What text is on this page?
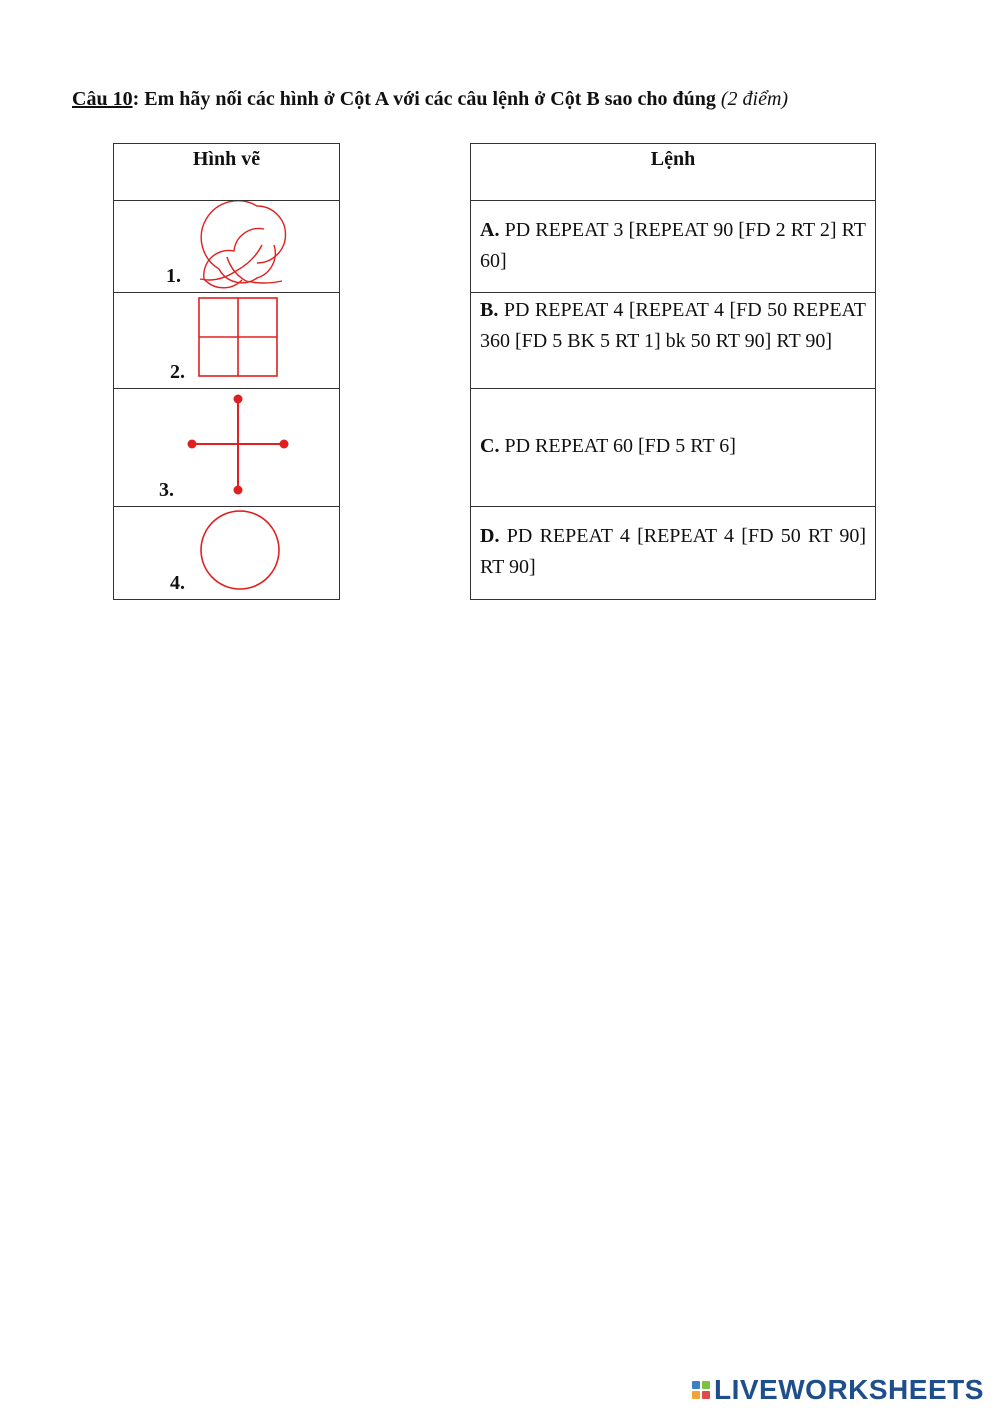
Câu 10: Em hãy nối các hình ở Cột A với các câu lệnh ở Cột B sao cho đúng (2 điểm)
Hình vẽ

1.

2.

3.

4.
Lệnh
A. PD REPEAT 3 [REPEAT 90 [FD 2 RT 2] RT 60]
B. PD REPEAT 4 [REPEAT 4 [FD 50 REPEAT 360 [FD 5 BK 5 RT 1] bk 50 RT 90] RT 90]
C. PD REPEAT 60 [FD 5 RT 6]
D. PD REPEAT 4 [REPEAT 4 [FD 50 RT 90] RT 90]
LIVEWORKSHEETS
